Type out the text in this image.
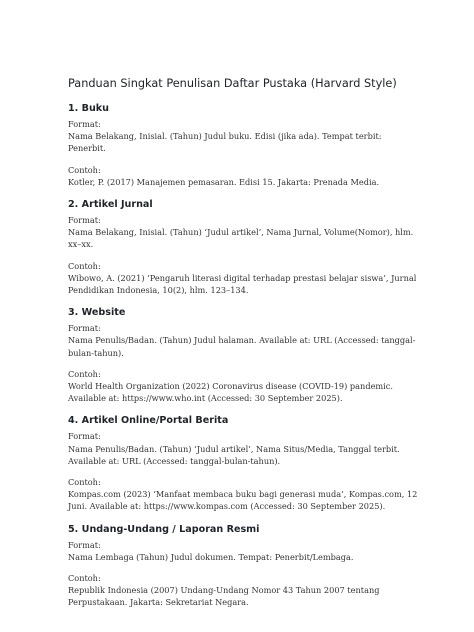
Panduan Singkat Penulisan Daftar Pustaka (Harvard Style)
1. Buku

Format:

Nama Belakang, Inisial. (Tahun) Judul buku. Edisi (jika ada). Tempat terbit: Penerbit.

Contoh:

Kotler, P. (2017) Manajemen pemasaran. Edisi 15. Jakarta: Prenada Media.

2. Artikel Jurnal

Format:

Nama Belakang, Inisial. (Tahun) ‘Judul artikel’, Nama Jurnal, Volume(Nomor), hlm. xx–xx.

Contoh:

Wibowo, A. (2021) ‘Pengaruh literasi digital terhadap prestasi belajar siswa’, Jurnal Pendidikan Indonesia, 10(2), hlm. 123–134.

3. Website

Format:

Nama Penulis/Badan. (Tahun) Judul halaman. Available at: URL (Accessed: tanggal-bulan-tahun).

Contoh:

World Health Organization (2022) Coronavirus disease (COVID-19) pandemic. Available at: https://www.who.int (Accessed: 30 September 2025).

4. Artikel Online/Portal Berita

Format:

Nama Penulis/Badan. (Tahun) ‘Judul artikel’, Nama Situs/Media, Tanggal terbit. Available at: URL (Accessed: tanggal-bulan-tahun).

Contoh:

Kompas.com (2023) ‘Manfaat membaca buku bagi generasi muda’, Kompas.com, 12 Juni. Available at: https://www.kompas.com (Accessed: 30 September 2025).

5. Undang-Undang / Laporan Resmi

Format:

Nama Lembaga (Tahun) Judul dokumen. Tempat: Penerbit/Lembaga.

Contoh:

Republik Indonesia (2007) Undang-Undang Nomor 43 Tahun 2007 tentang Perpustakaan. Jakarta: Sekretariat Negara.
